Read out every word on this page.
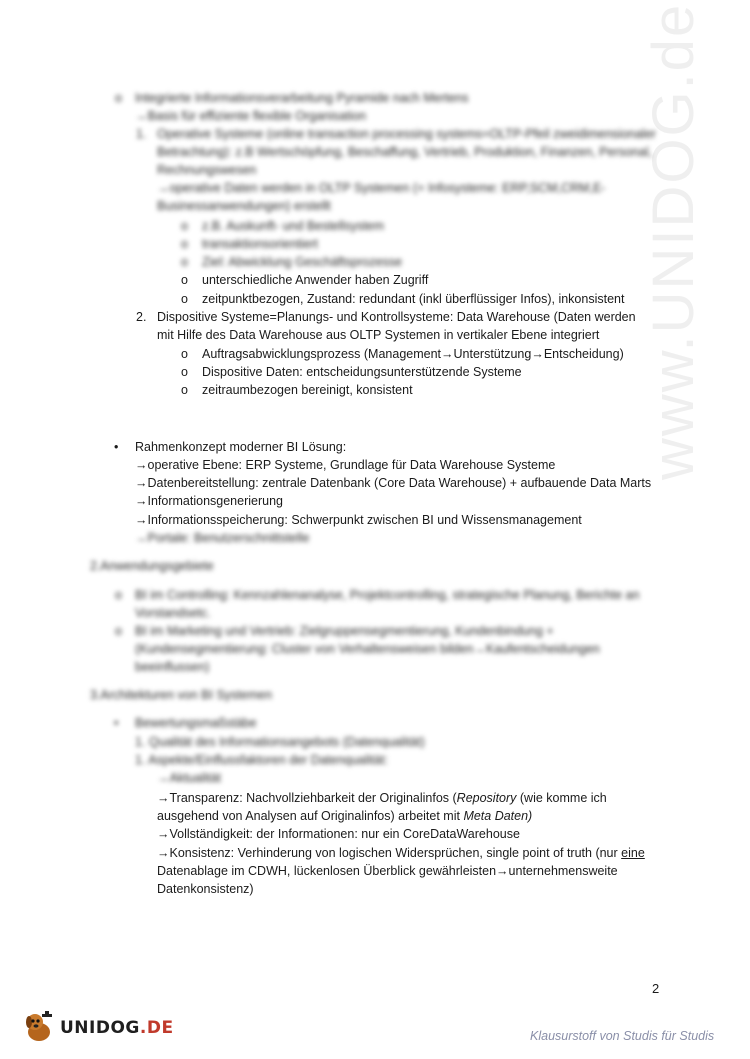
www.UNIDOG.de
o Integrierte Informationsverarbeitung Pyramide nach Mertens
→Basis für effiziente flexible Organisation
1. Operative Systeme (online transaction processing systems=OLTP-Pfeil zweidimensionaler
Betrachtung): z.B Wertschöpfung, Beschaffung, Vertrieb, Produktion, Finanzen, Personal,
Rechnungswesen
→operative Daten werden in OLTP Systemen (= Infosysteme: ERP,SCM,CRM,E-
Businessanwendungen) erstellt
o z.B. Auskunft- und Bestellsystem
o transaktionsorientiert
o Ziel: Abwicklung Geschäftsprozesse
o unterschiedliche Anwender haben Zugriff
o zeitpunktbezogen, Zustand: redundant (inkl überflüssiger Infos), inkonsistent
2. Dispositive Systeme=Planungs- und Kontrollsysteme: Data Warehouse (Daten werden
mit Hilfe des Data Warehouse aus OLTP Systemen in vertikaler Ebene integriert
o Auftragsabwicklungsprozess (Management→Unterstützung→Entscheidung)
o Dispositive Daten: entscheidungsunterstützende Systeme
o zeitraumbezogen bereinigt, konsistent
• Rahmenkonzept moderner BI Lösung:
→operative Ebene: ERP Systeme, Grundlage für Data Warehouse Systeme
→Datenbereitstellung: zentrale Datenbank (Core Data Warehouse) + aufbauende Data Marts
→Informationsgenerierung
→Informationsspeicherung: Schwerpunkt zwischen BI und Wissensmanagement
→Portale: Benutzerschnittstelle
2.Anwendungsgebiete
o BI im Controlling: Kennzahlenanalyse, Projektcontrolling, strategische Planung, Berichte an
Vorstandsetc.
o BI im Marketing und Vertrieb: Zielgruppensegmentierung, Kundenbindung +
(Kundensegmentierung: Cluster von Verhaltensweisen bilden→Kaufentscheidungen
beeinflussen)
3.Architekturen von BI Systemen
• Bewertungsmaßstäbe
1. Qualität des Informationsangebots (Datenqualität)
1. Aspekte/Einflussfaktoren der Datenqualität:
→Aktualität
→Transparenz: Nachvollziehbarkeit der Originalinfos (Repository (wie komme ich
ausgehend von Analysen auf Originalinfos) arbeitet mit Meta Daten)
→Vollständigkeit: der Informationen: nur ein CoreDataWarehouse
→Konsistenz: Verhinderung von logischen Widersprüchen, single point of truth (nur eine
Datenablage im CDWH, lückenlosen Überblick gewährleisten→unternehmensweite
Datenkonsistenz)
2
UNIDOG.DE	Klausurstoff von Studis für Studis
